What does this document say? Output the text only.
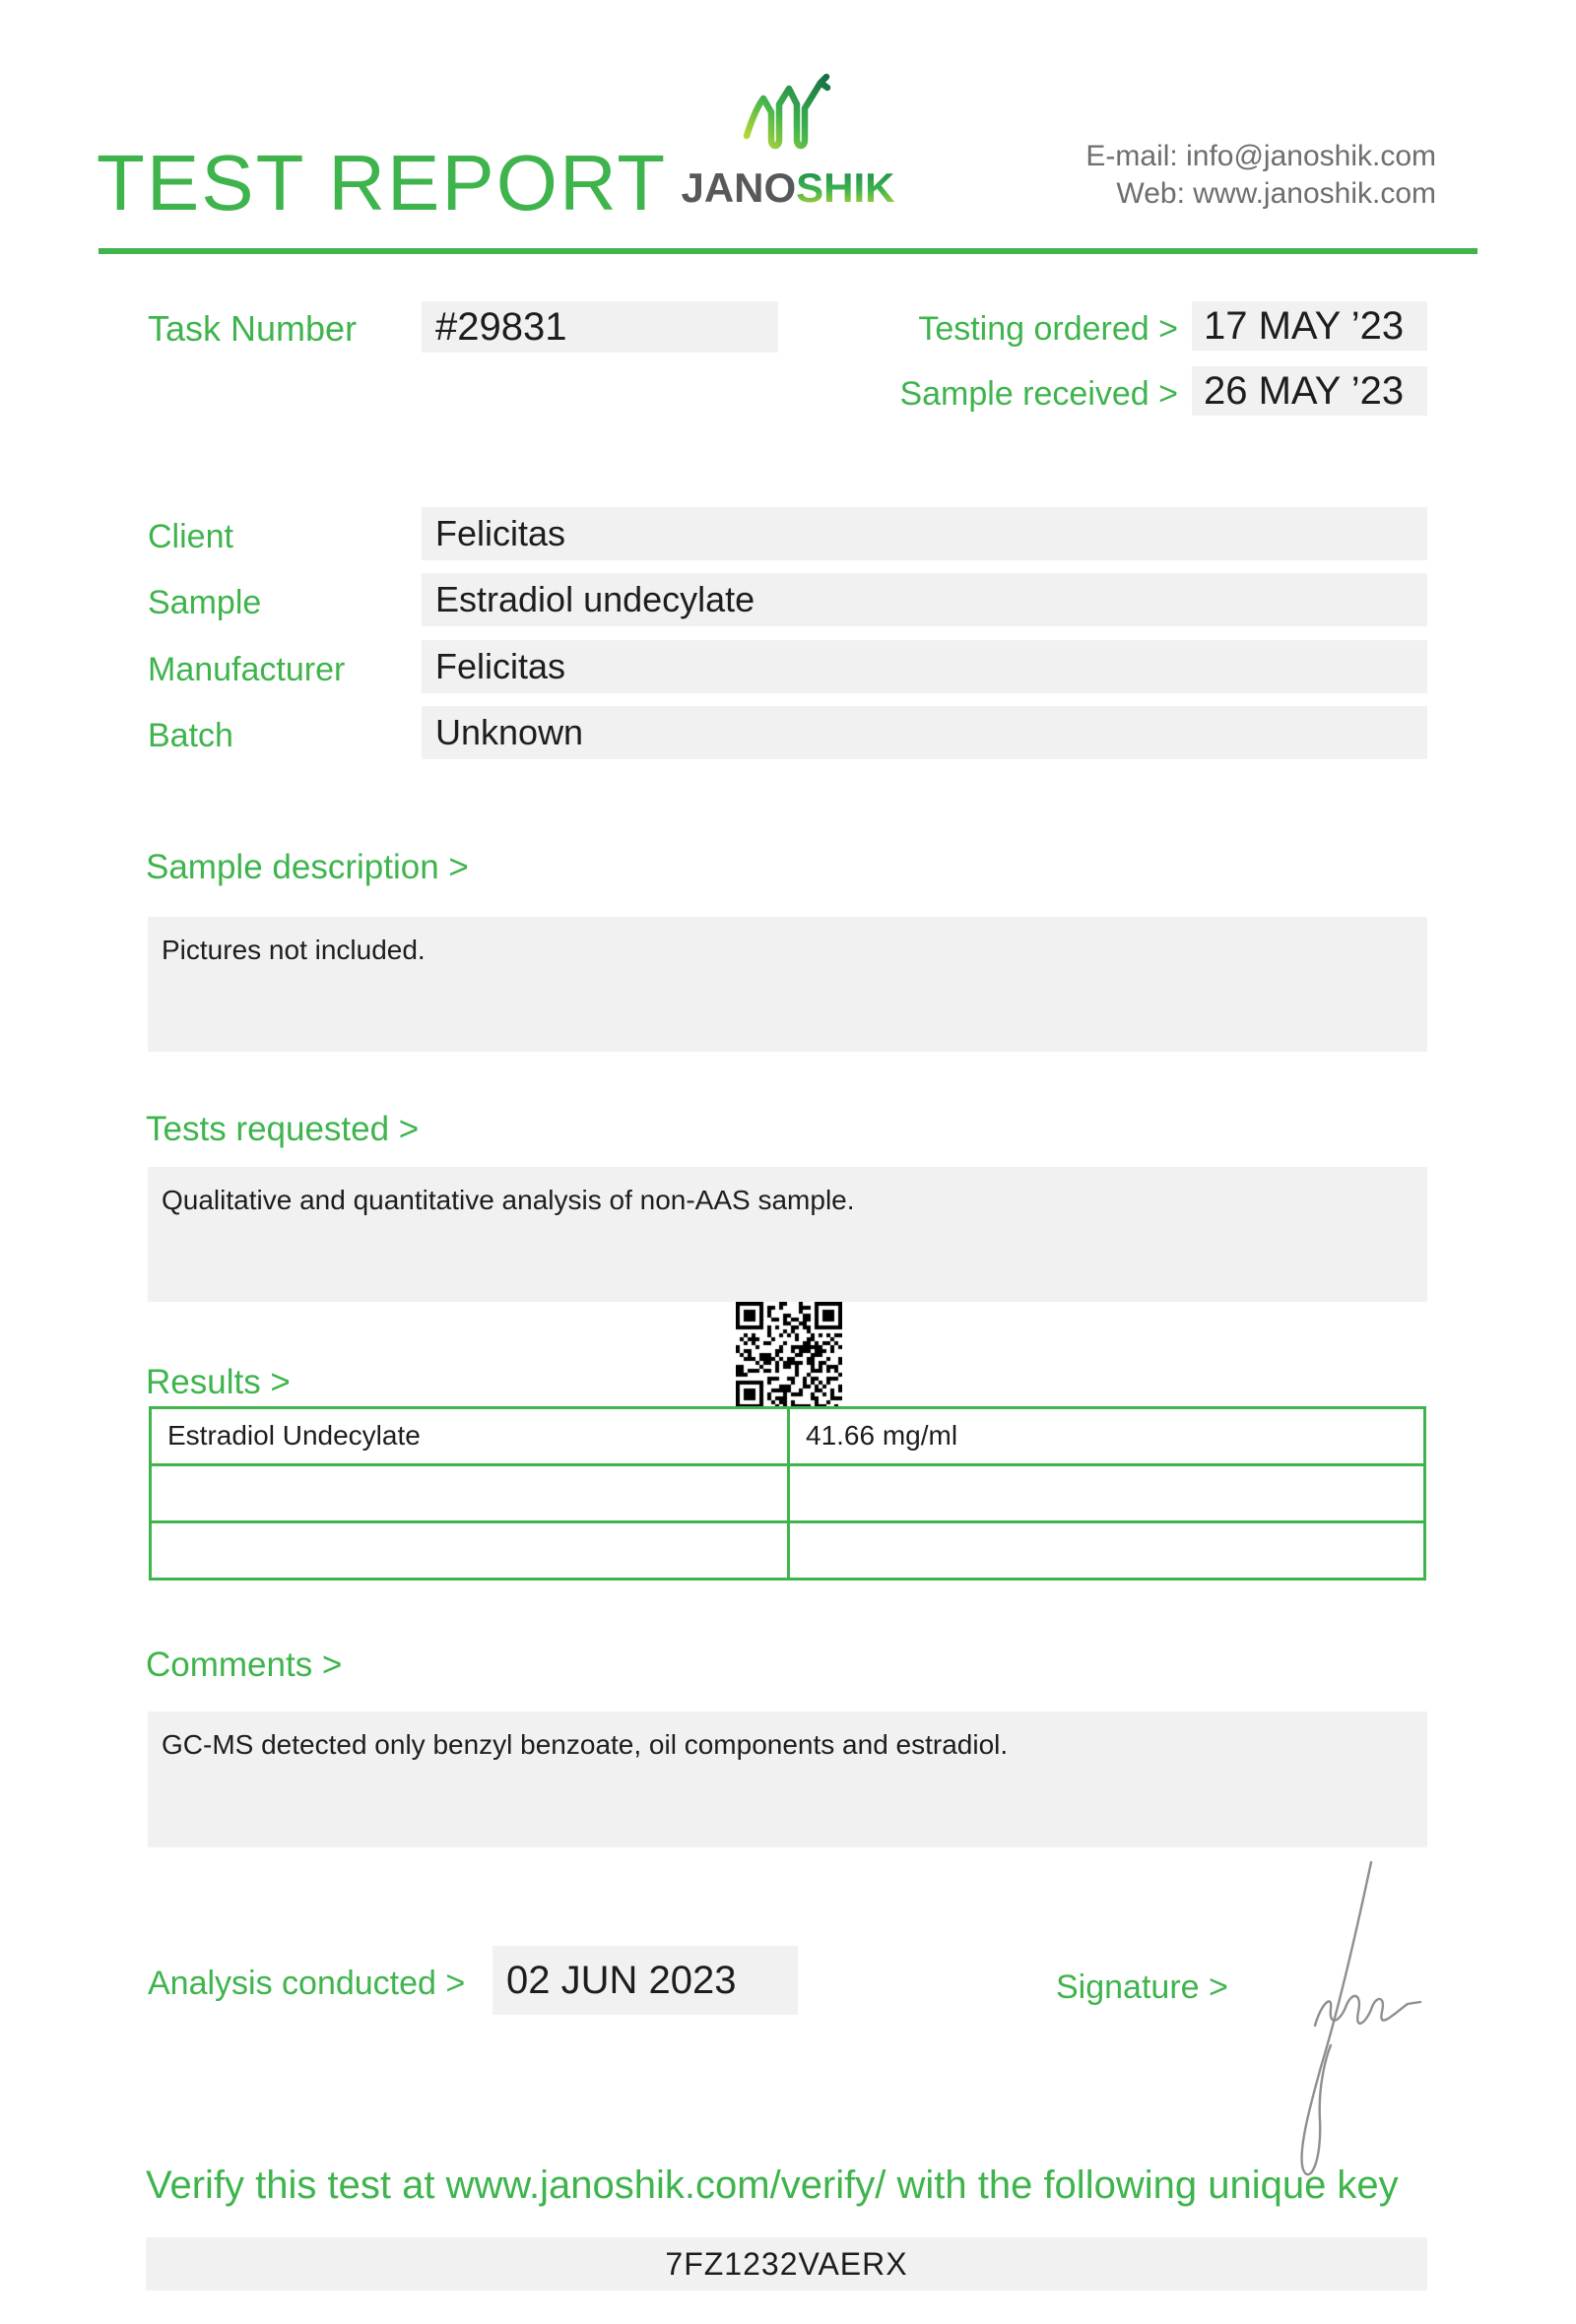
TEST REPORT JANOSHIK
E-mail: info@janoshik.com
Web: www.janoshik.com
Task Number	#29831	Testing ordered > 17 MAY ’23
Sample received > 26 MAY ’23
Client	Felicitas
Sample	Estradiol undecylate
Manufacturer	Felicitas
Batch	Unknown
Sample description >
Pictures not included.
Tests requested >
Qualitative and quantitative analysis of non-AAS sample.
Results >
Estradiol Undecylate	41.66 mg/ml
Comments >
GC-MS detected only benzyl benzoate, oil components and estradiol.
Analysis conducted >	02 JUN 2023	Signature >
Verify this test at www.janoshik.com/verify/ with the following unique key
7FZ1232VAERX
